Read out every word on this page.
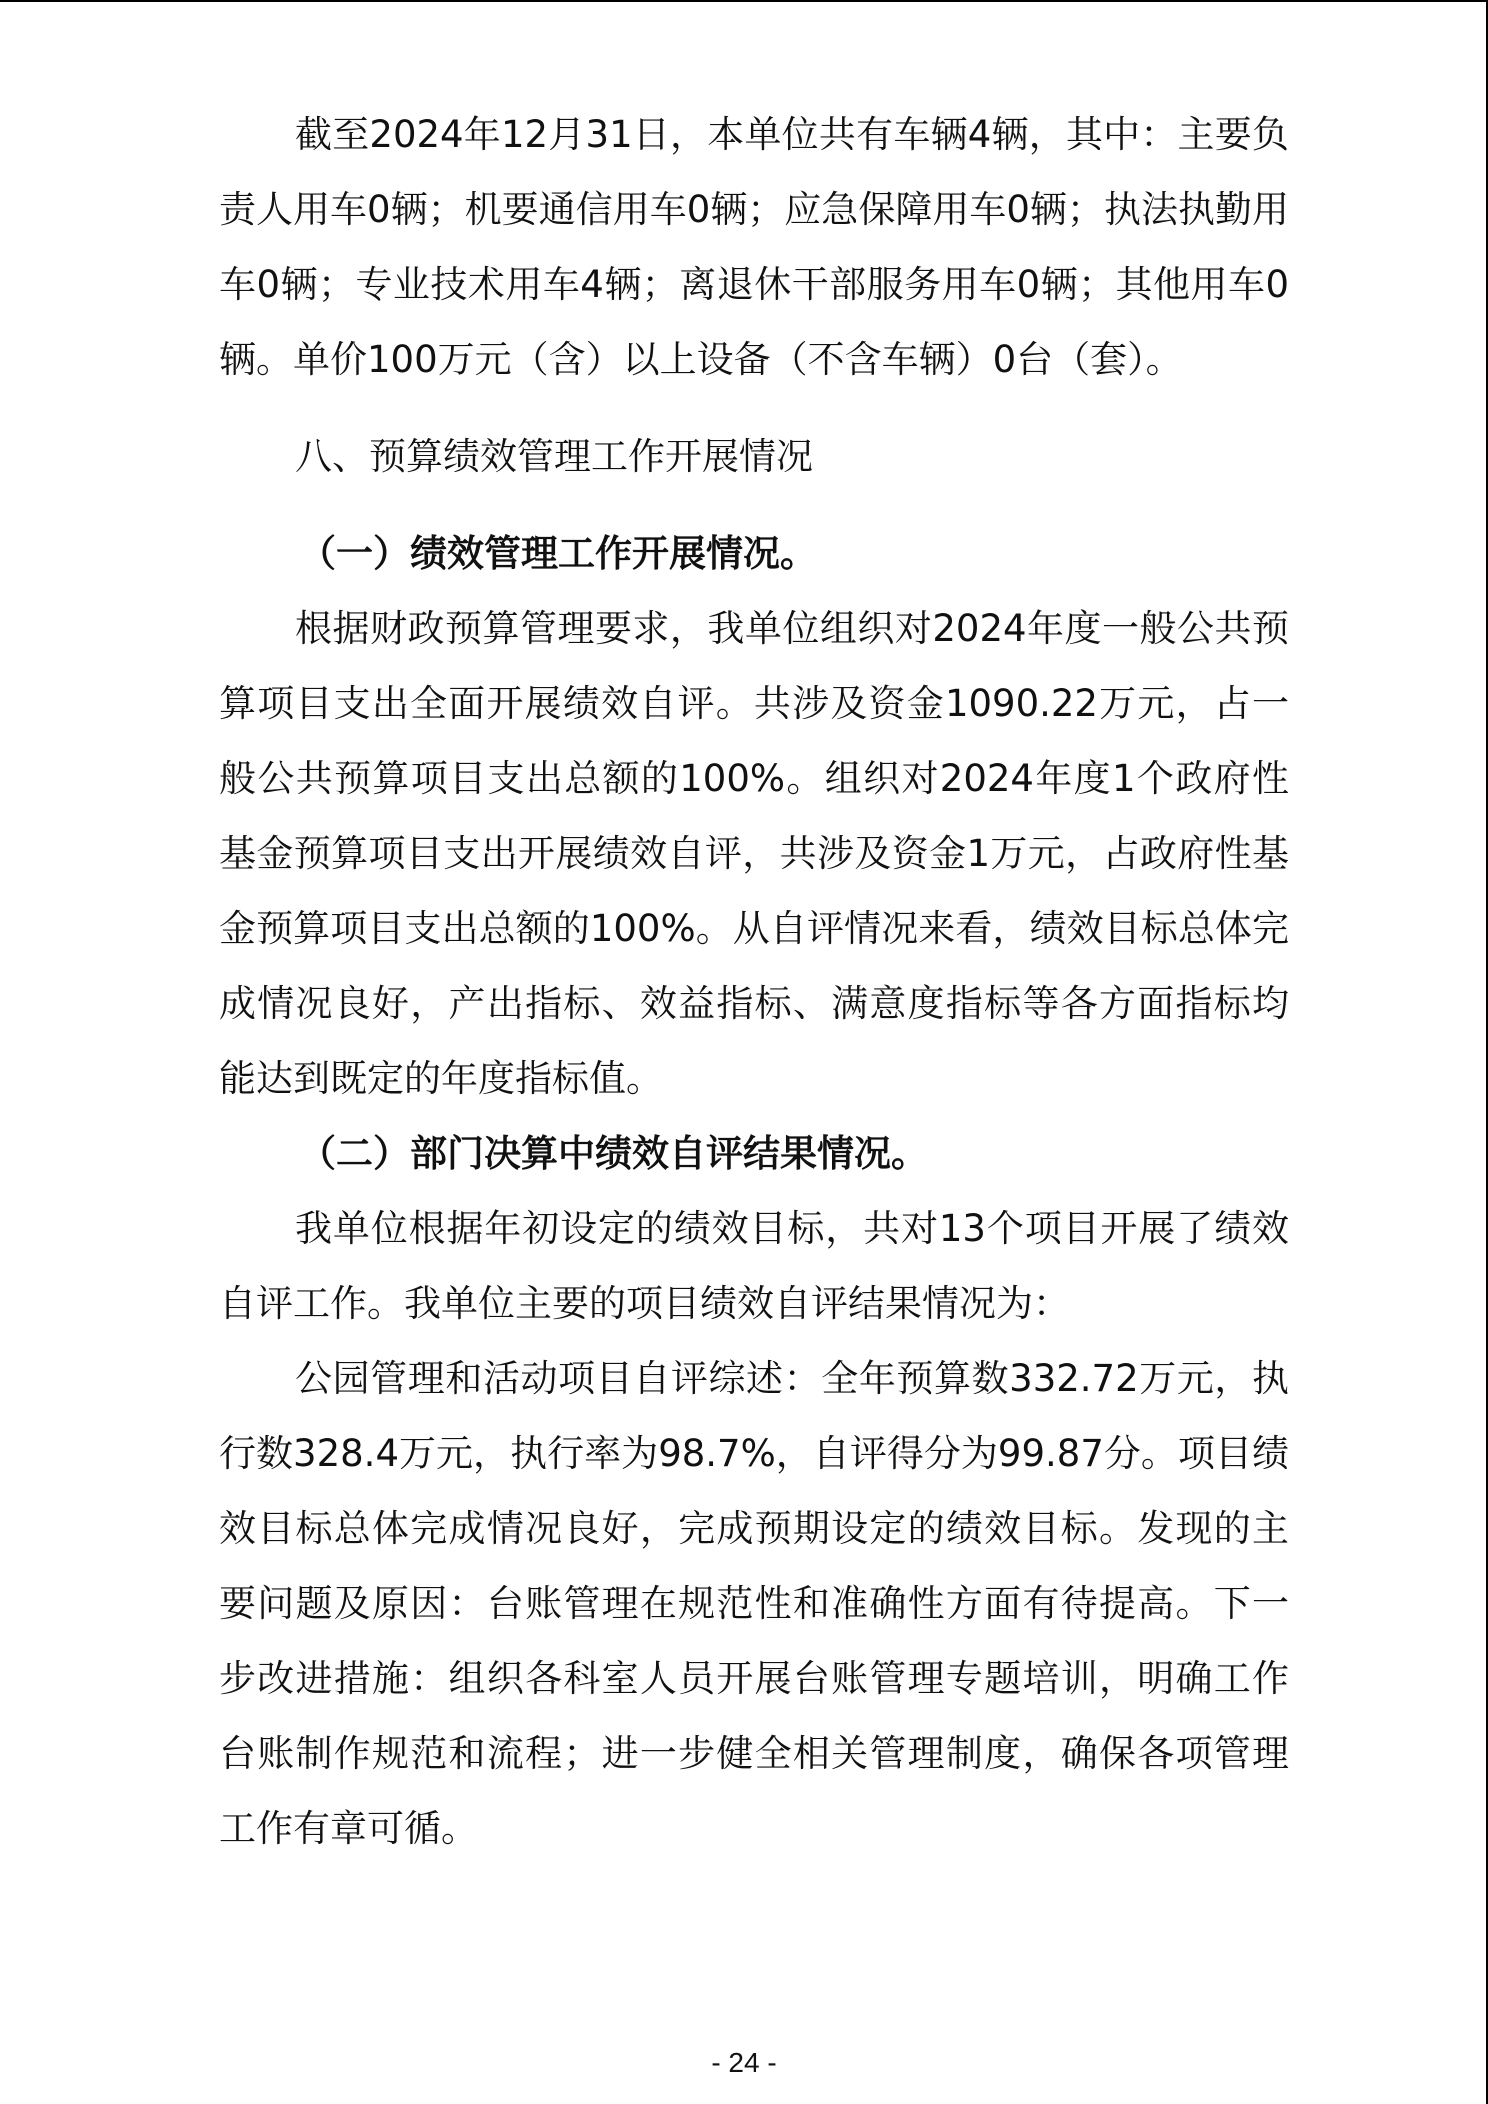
截至2024年12月31日，本单位共有车辆4辆，其中：主要负责人用车0辆；机要通信用车0辆；应急保障用车0辆；执法执勤用车0辆；专业技术用车4辆；离退休干部服务用车0辆；其他用车0辆。单价100万元（含）以上设备（不含车辆）0台（套）。

八、预算绩效管理工作开展情况
（一）绩效管理工作开展情况。

根据财政预算管理要求，我单位组织对2024年度一般公共预算项目支出全面开展绩效自评。共涉及资金1090.22万元，占一般公共预算项目支出总额的100%。组织对2024年度1个政府性基金预算项目支出开展绩效自评，共涉及资金1万元，占政府性基金预算项目支出总额的100%。从自评情况来看，绩效目标总体完成情况良好，产出指标、效益指标、满意度指标等各方面指标均能达到既定的年度指标值。

（二）部门决算中绩效自评结果情况。

我单位根据年初设定的绩效目标，共对13个项目开展了绩效自评工作。我单位主要的项目绩效自评结果情况为：

公园管理和活动项目自评综述：全年预算数332.72万元，执行数328.4万元，执行率为98.7%，自评得分为99.87分。项目绩效目标总体完成情况良好，完成预期设定的绩效目标。发现的主要问题及原因：台账管理在规范性和准确性方面有待提高。下一步改进措施：组织各科室人员开展台账管理专题培训，明确工作台账制作规范和流程；进一步健全相关管理制度，确保各项管理工作有章可循。

- 24 -
